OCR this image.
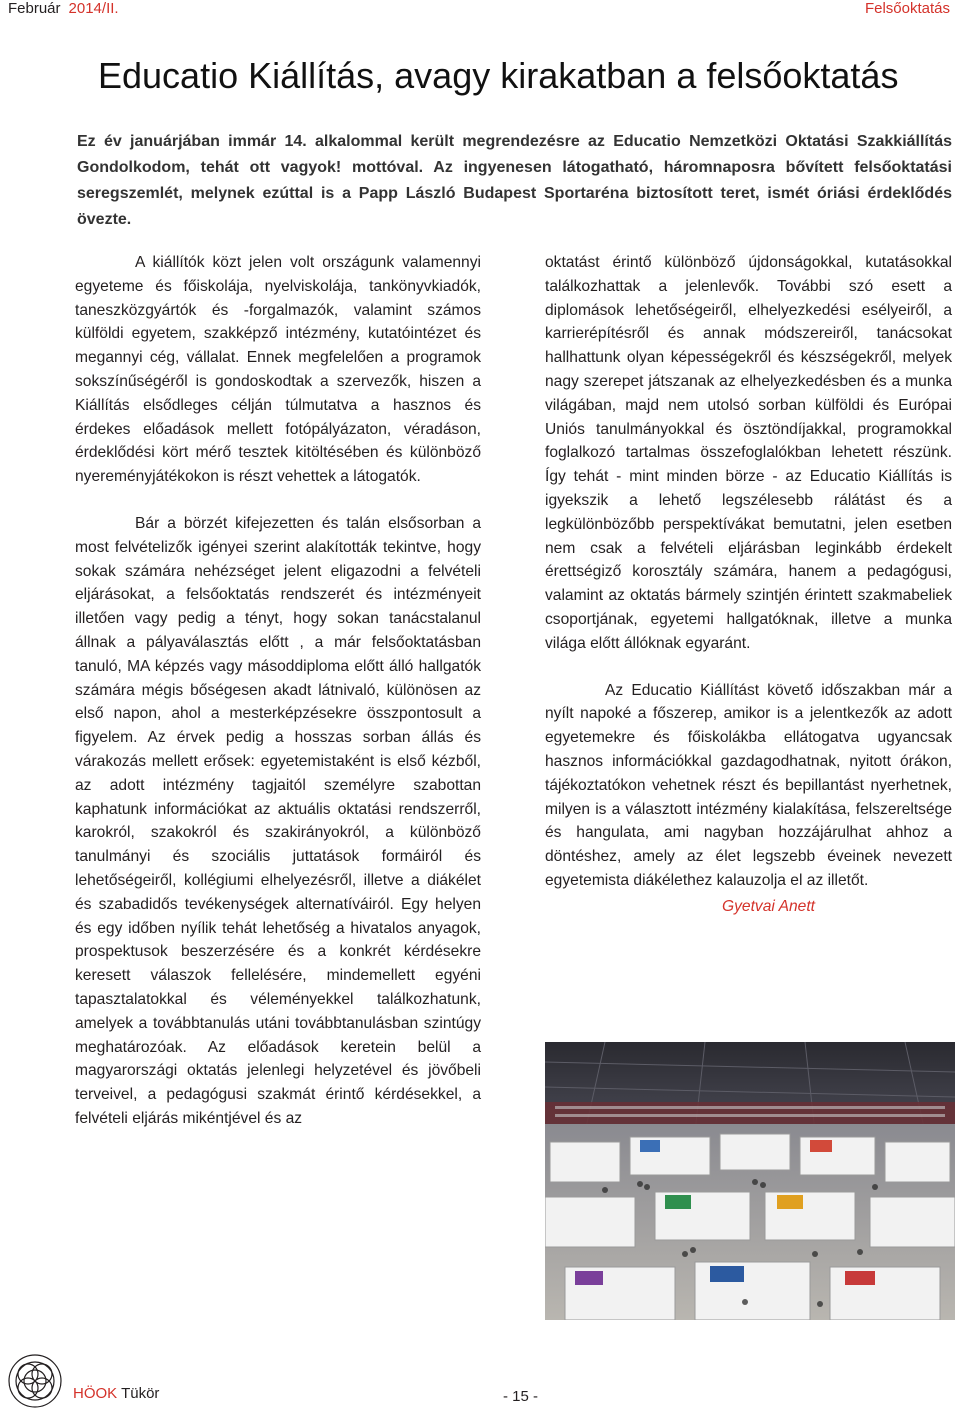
Február 2014/II.	Felsőoktatás
Educatio Kiállítás, avagy kirakatban a felsőoktatás

Ez év januárjában immár 14. alkalommal került megrendezésre az Educatio Nemzetközi Oktatási Szakkiállítás Gondolkodom, tehát ott vagyok! mottóval. Az ingyenesen látogatható, háromnaposra bővített felsőoktatási seregszemlét, melynek ezúttal is a Papp László Budapest Sportaréna biztosított teret, ismét óriási érdeklődés övezte.

A kiállítók közt jelen volt országunk valamennyi egyeteme és főiskolája, nyelviskolája, tankönyvkiadók, taneszközgyártók és -forgalmazók, valamint számos külföldi egyetem, szakképző intézmény, kutatóintézet és megannyi cég, vállalat. Ennek megfelelően a programok sokszínűségéről is gondoskodtak a szervezők, hiszen a Kiállítás elsődleges célján túlmutatva a hasznos és érdekes előadások mellett fotópályázaton, véradáson, érdeklődési kört mérő tesztek kitöltésében és különböző nyereményjátékokon is részt vehettek a látogatók.

Bár a börzét kifejezetten és talán elsősorban a most felvételizők igényei szerint alakították tekintve, hogy sokak számára nehézséget jelent eligazodni a felvételi eljárásokat, a felsőoktatás rendszerét és intézményeit illetően vagy pedig a tényt, hogy sokan tanácstalanul állnak a pályaválasztás előtt , a már felsőoktatásban tanuló, MA képzés vagy másoddiploma előtt álló hallgatók számára mégis bőségesen akadt látnivaló, különösen az első napon, ahol a mesterképzésekre összpontosult a figyelem. Az érvek pedig a hosszas sorban állás és várakozás mellett erősek: egyetemistaként is első kézből, az adott intézmény tagjaitól személyre szabottan kaphatunk információkat az aktuális oktatási rendszerről, karokról, szakokról és szakirányokról, a különböző tanulmányi és szociális juttatások formáiról és lehetőségeiről, kollégiumi elhelyezésről, illetve a diákélet és szabadidős tevékenységek alternatíváiról. Egy helyen és egy időben nyílik tehát lehetőség a hivatalos anyagok, prospektusok beszerzésére és a konkrét kérdésekre keresett válaszok fellelésére, mindemellett egyéni tapasztalatokkal és véleményekkel találkozhatunk, amelyek a továbbtanulás utáni továbbtanulásban szintúgy meghatározóak. Az előadások keretein belül a magyarországi oktatás jelenlegi helyzetével és jövőbeli terveivel, a pedagógusi szakmát érintő kérdésekkel, a felvételi eljárás mikéntjével és az

oktatást érintő különböző újdonságokkal, kutatásokkal találkozhattak a jelenlevők. További szó esett a diplomások lehetőségeiről, elhelyezkedési esélyeiről, a karrierépítésről és annak módszereiről, tanácsokat hallhattunk olyan képességekről és készségekről, melyek nagy szerepet játszanak az elhelyezkedésben és a munka világában, majd nem utolsó sorban külföldi és Európai Uniós tanulmányokkal és ösztöndíjakkal, programokkal foglalkozó tartalmas összefoglalókban lehetett részünk. Így tehát - mint minden börze - az Educatio Kiállítás is igyekszik a lehető legszélesebb rálátást és a legkülönbözőbb perspektívákat bemutatni, jelen esetben nem csak a felvételi eljárásban leginkább érdekelt érettségiző korosztály számára, hanem a pedagógusi, valamint az oktatás bármely szintjén érintett szakmabeliek csoportjának, egyetemi hallgatóknak, illetve a munka világa előtt állóknak egyaránt.

Az Educatio Kiállítást követő időszakban már a nyílt napoké a főszerep, amikor is a jelentkezők az adott egyetemekre és főiskolákba ellátogatva ugyancsak hasznos információkkal gazdagodhatnak, nyitott órákon, tájékoztatókon vehetnek részt és bepillantást nyerhetnek, milyen is a választott intézmény kialakítása, felszereltsége és hangulata, ami nagyban hozzájárulhat ahhoz a döntéshez, amely az élet legszebb éveinek nevezett egyetemista diákélethez kalauzolja el az illetőt.

Gyetvai Anett
HÖOK Tükör	- 15 -
